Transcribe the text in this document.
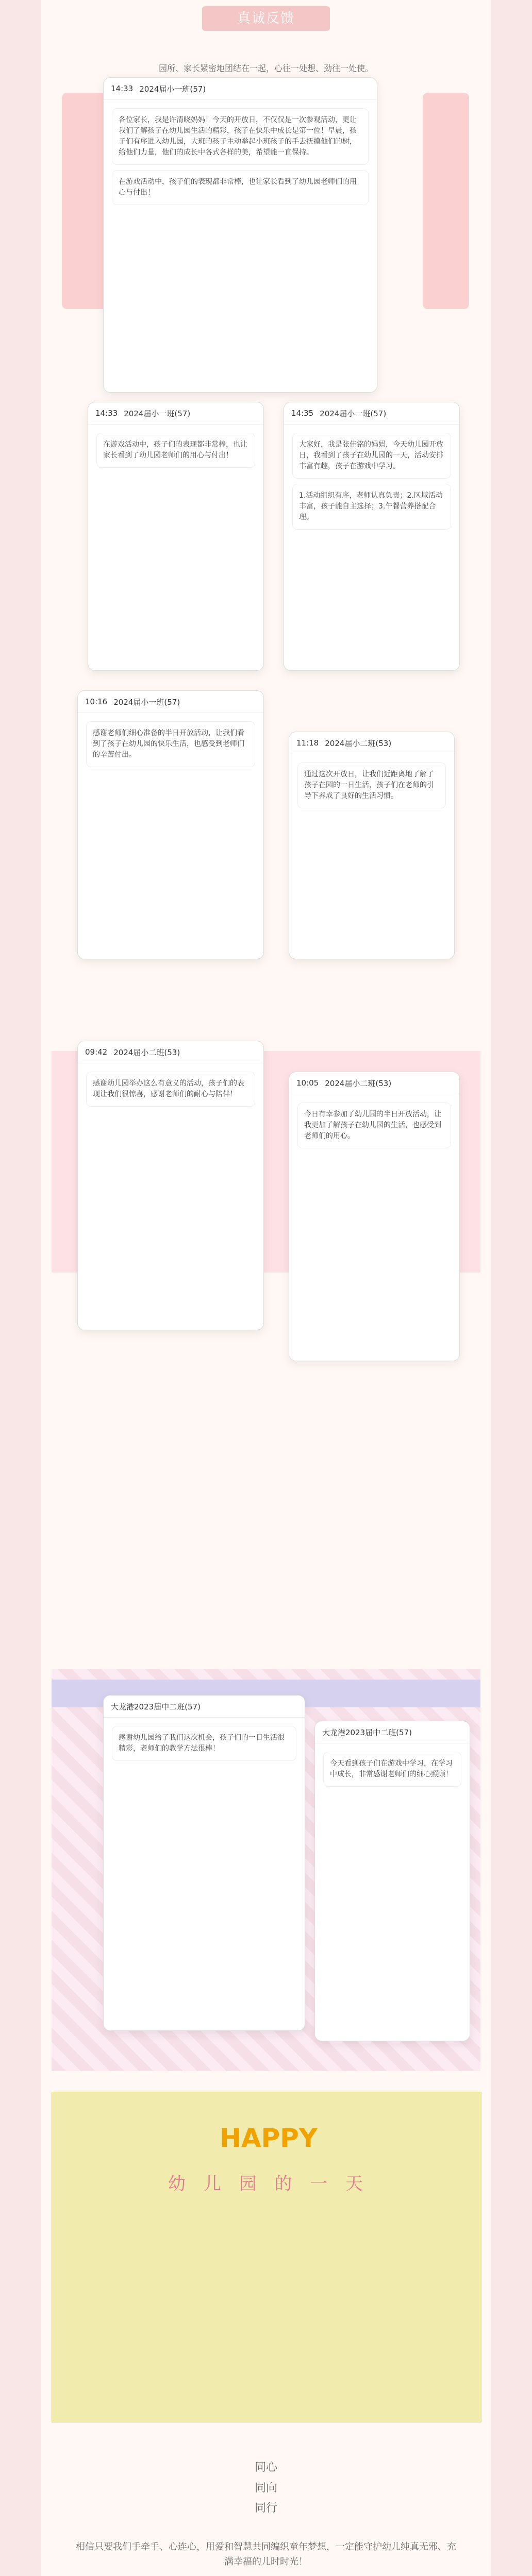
真诚反馈
园所、家长紧密地团结在一起，心往一处想、劲往一处使。
14:33 2024届小一班(57)

各位家长，我是许清晓妈妈！今天的开放日，不仅仅是一次参观活动，更让我们了解孩子在幼儿园生活的精彩，孩子在快乐中成长是第一位！早晨，孩子们有序进入幼儿园，大班的孩子主动举起小班孩子的手去抚摸他们的树，给他们力量，他们的成长中各式各样的美，希望能一直保持。

在游戏活动中，孩子们的表现都非常棒，也让家长看到了幼儿园老师们的用心与付出！

14:33 2024届小一班(57)

在游戏活动中，孩子们的表现都非常棒，也让家长看到了幼儿园老师们的用心与付出！

14:35 2024届小一班(57)

大家好，我是张佳铭的妈妈，今天幼儿园开放日，我看到了孩子在幼儿园的一天，活动安排丰富有趣，孩子在游戏中学习。

1.活动组织有序，老师认真负责；2.区域活动丰富，孩子能自主选择；3.午餐营养搭配合理。

10:16 2024届小一班(57)

感谢老师们细心准备的半日开放活动，让我们看到了孩子在幼儿园的快乐生活，也感受到老师们的辛苦付出。

11:18 2024届小二班(53)

通过这次开放日，让我们近距离地了解了孩子在园的一日生活，孩子们在老师的引导下养成了良好的生活习惯。

09:42 2024届小二班(53)

感谢幼儿园举办这么有意义的活动，孩子们的表现让我们很惊喜，感谢老师们的耐心与陪伴！

10:05 2024届小二班(53)

今日有幸参加了幼儿园的半日开放活动，让我更加了解孩子在幼儿园的生活，也感受到老师们的用心。

大龙港2023届中二班(57)

感谢幼儿园给了我们这次机会，孩子们的一日生活很精彩，老师们的教学方法很棒！

大龙港2023届中二班(57)

今天看到孩子们在游戏中学习，在学习中成长，非常感谢老师们的细心照顾！

HAPPY
幼 儿 园 的 一 天
同心
同向
同行
相信只要我们手牵手、心连心，用爱和智慧共同编织童年梦想，一定能守护幼儿纯真无邪、充满幸福的儿时时光！
